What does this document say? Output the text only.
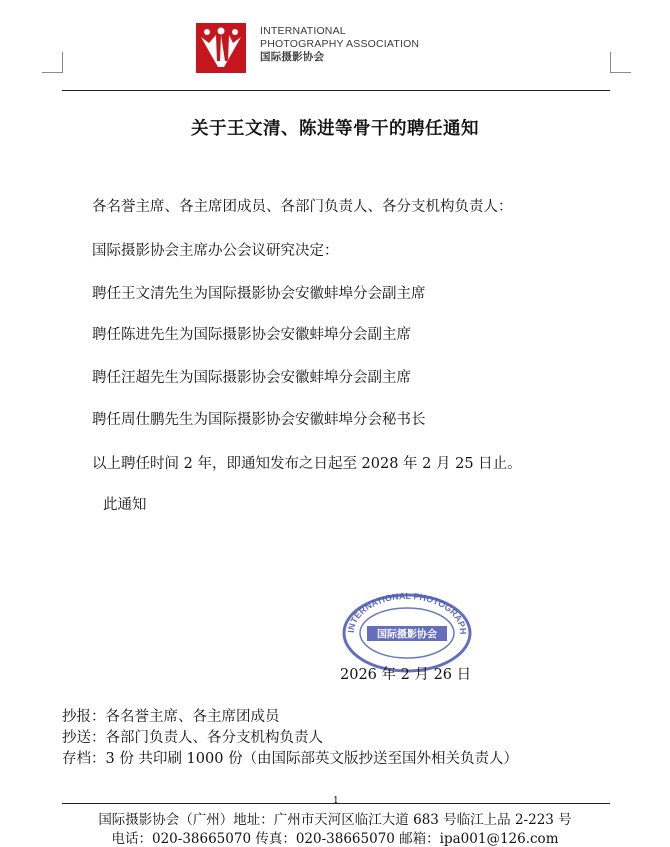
INTERNATIONAL
PHOTOGRAPHY ASSOCIATION
国际摄影协会
关于王文清、陈进等骨干的聘任通知
各名誉主席、各主席团成员、各部门负责人、各分支机构负责人：
国际摄影协会主席办公会议研究决定：
聘任王文清先生为国际摄影协会安徽蚌埠分会副主席
聘任陈进先生为国际摄影协会安徽蚌埠分会副主席
聘任汪超先生为国际摄影协会安徽蚌埠分会副主席
聘任周仕鹏先生为国际摄影协会安徽蚌埠分会秘书长
以上聘任时间 2 年，即通知发布之日起至 2028 年 2 月 25 日止。
此通知
INTERNATIONAL PHOTOGRAPH
国际摄影协会
2026 年 2 月 26 日
抄报：各名誉主席、各主席团成员
抄送：各部门负责人、各分支机构负责人
存档：3 份 共印刷 1000 份（由国际部英文版抄送至国外相关负责人）
1
国际摄影协会（广州）地址：广州市天河区临江大道 683 号临江上品 2-223 号
电话：020-38665070 传真：020-38665070 邮箱：ipa001@126.com
